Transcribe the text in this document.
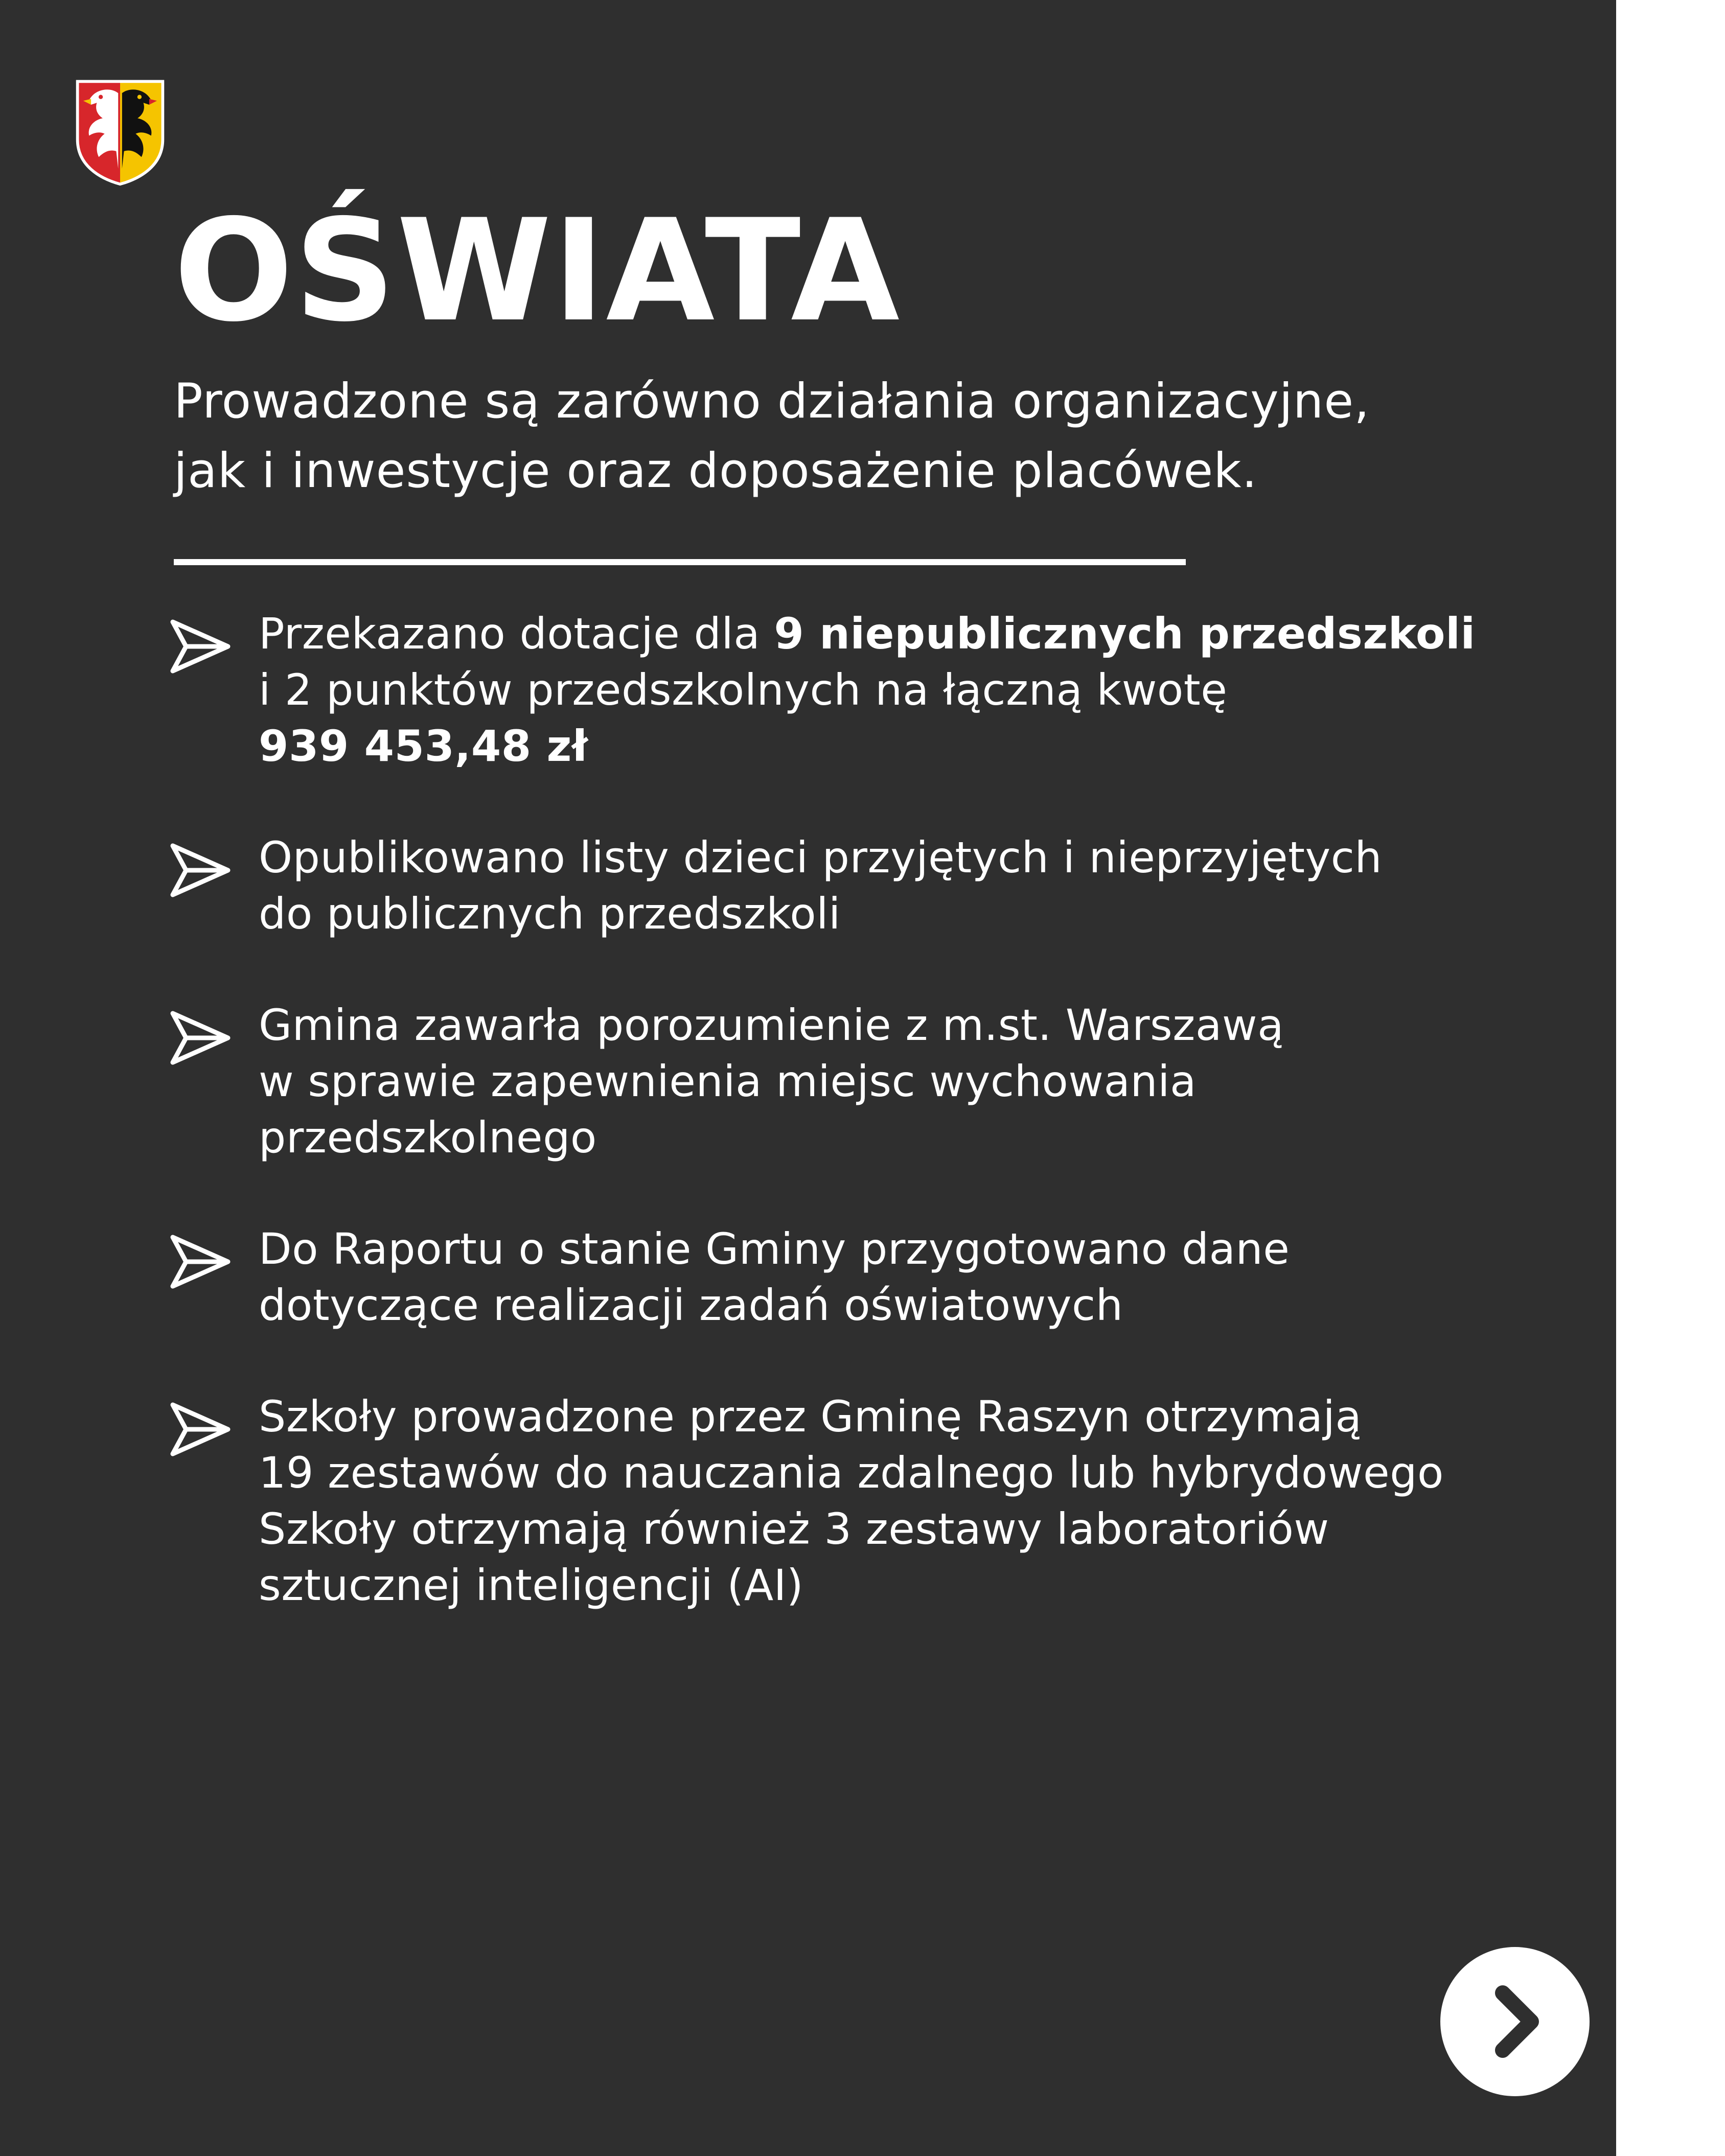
OŚWIATA

Prowadzone są zarówno działania organizacyjne,
jak i inwestycje oraz doposażenie placówek.

Przekazano dotacje dla 9 niepublicznych przedszkoli
i 2 punktów przedszkolnych na łączną kwotę
939 453,48 zł
Opublikowano listy dzieci przyjętych i nieprzyjętych
do publicznych przedszkoli
Gmina zawarła porozumienie z m.st. Warszawą
w sprawie zapewnienia miejsc wychowania
przedszkolnego
Do Raportu o stanie Gminy przygotowano dane
dotyczące realizacji zadań oświatowych
Szkoły prowadzone przez Gminę Raszyn otrzymają
19 zestawów do nauczania zdalnego lub hybrydowego
Szkoły otrzymają również 3 zestawy laboratoriów
sztucznej inteligencji (AI)
